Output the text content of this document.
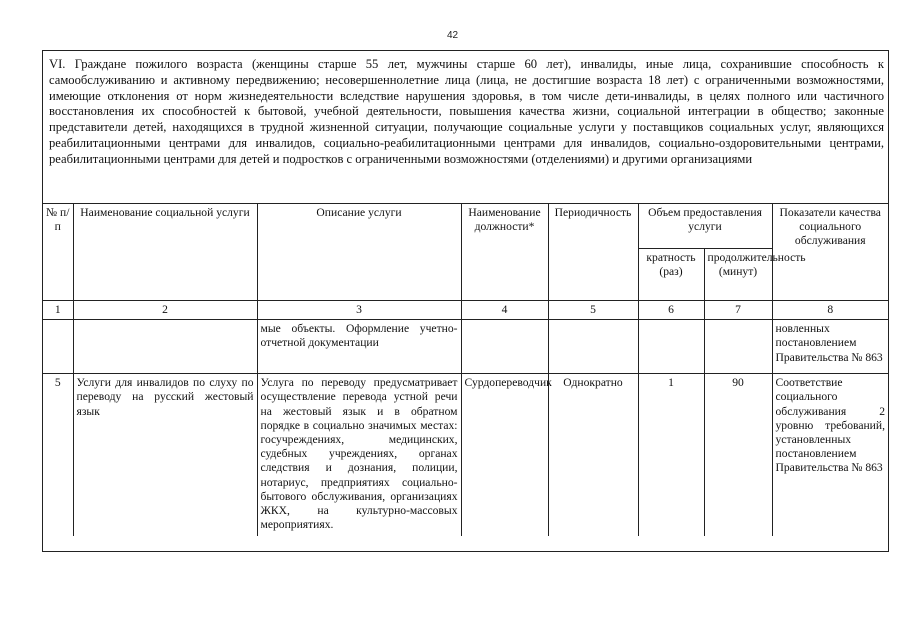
42
VI. Граждане пожилого возраста (женщины старше 55 лет, мужчины старше 60 лет), инвалиды, иные лица, сохранившие способность к самообслуживанию и активному передвижению; несовершеннолетние лица (лица, не достигшие возраста 18 лет) с ограниченными возможностями, имеющие отклонения от норм жизнедеятельности вследствие нарушения здоровья, в том числе дети-инвалиды, в целях полного или частичного восстановления их способностей к бытовой, учебной деятельности, повышения качества жизни, социальной интеграции в общество; законные представители детей, находящихся в трудной жизненной ситуации, получающие социальные услуги у поставщиков социальных услуг, являющихся реабилитационными центрами для инвалидов, социально-реабилитационными центрами для инвалидов, социально-оздоровительными центрами, реабилитационными центрами для детей и подростков с ограниченными возможностями (отделениями) и другими организациями
№ п/п	Наименование социальной услуги	Описание услуги	Наименование должности*	Периодичность	Объем предоставления услуги		Показатели качества социального обслуживания
					кратность (раз)	продолжительность (минут)	
1	2	3	4	5	6	7	8
		мые объекты. Оформление учетно-отчетной документации					новленных постановлением Правительства № 863
5	Услуги для инвалидов по слуху по переводу на русский жестовый язык	Услуга по переводу предусматривает осуществление перевода устной речи на жестовый язык и в обратном порядке в социально значимых местах: госучреждениях, медицинских, судебных учреждениях, органах следствия и дознания, полиции, нотариус, предприятиях социально-бытового обслуживания, организациях ЖКХ, на культурно-массовых мероприятиях.	Сурдопереводчик	Однократно	1	90	Соответствие социального обслуживания 2 уровню требований, установленных постановлением Правительства № 863
